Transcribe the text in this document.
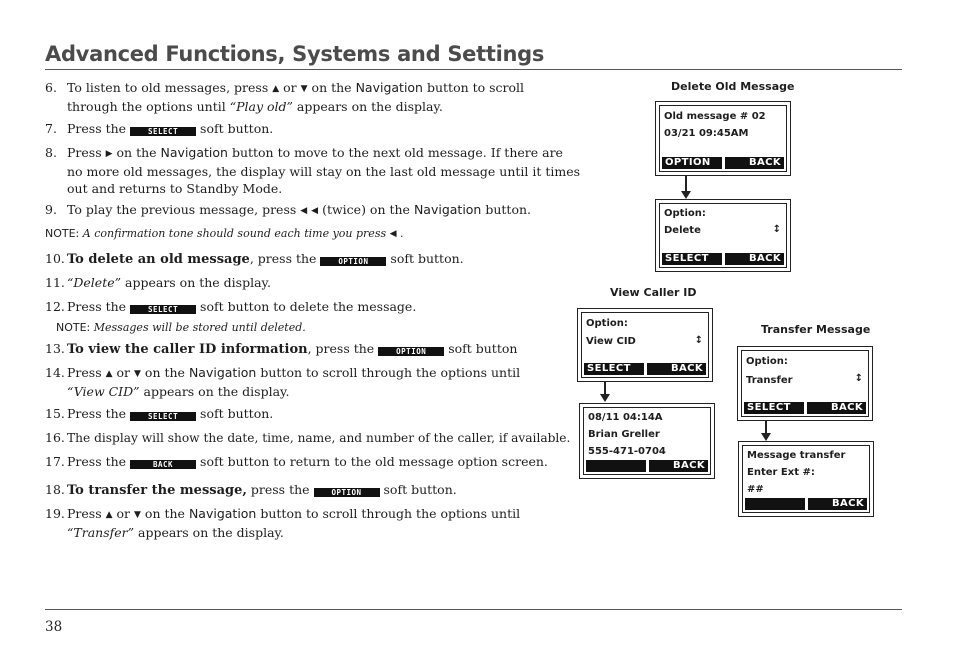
Advanced Functions, Systems and Settings
6. To listen to old messages, press ▲ or ▼ on the Navigation button to scroll
through the options until “Play old” appears on the display.
7. Press the	SELECT soft button.
8. Press ▶ on the Navigation button to move to the next old message. If there are
no more old messages, the display will stay on the last old message until it times
out and returns to Standby Mode.
9. To play the previous message, press ◀ ◀ (twice) on the Navigation button.
NOTE: A confirmation tone should sound each time you press ◀ .
10. To delete an old message, press the	OPTION soft button.
11. “Delete” appears on the display.
12. Press the	SELECT soft button to delete the message.
NOTE: Messages will be stored until deleted.
13. To view the caller ID information, press the	OPTION soft button
14. Press ▲ or ▼ on the Navigation button to scroll through the options until
“View CID” appears on the display.
15. Press the	SELECT soft button.
16. The display will show the date, time, name, and number of the caller, if available.
17. Press the	BACK soft button to return to the old message option screen.
18. To transfer the message, press the	OPTION soft button.
19. Press ▲ or ▼ on the Navigation button to scroll through the options until
“Transfer” appears on the display.
Delete Old Message
Old message # 02
03/21 09:45AM
OPTION	BACK
Option:
Delete	↕
SELECT	BACK
View Caller ID
Option:
View CID	↕
SELECT	BACK
08/11 04:14A
Brian Greller
555-471-0704
BACK
Transfer Message
Option:
Transfer	↕
SELECT	BACK
Message transfer
Enter Ext #:
##
BACK
38
